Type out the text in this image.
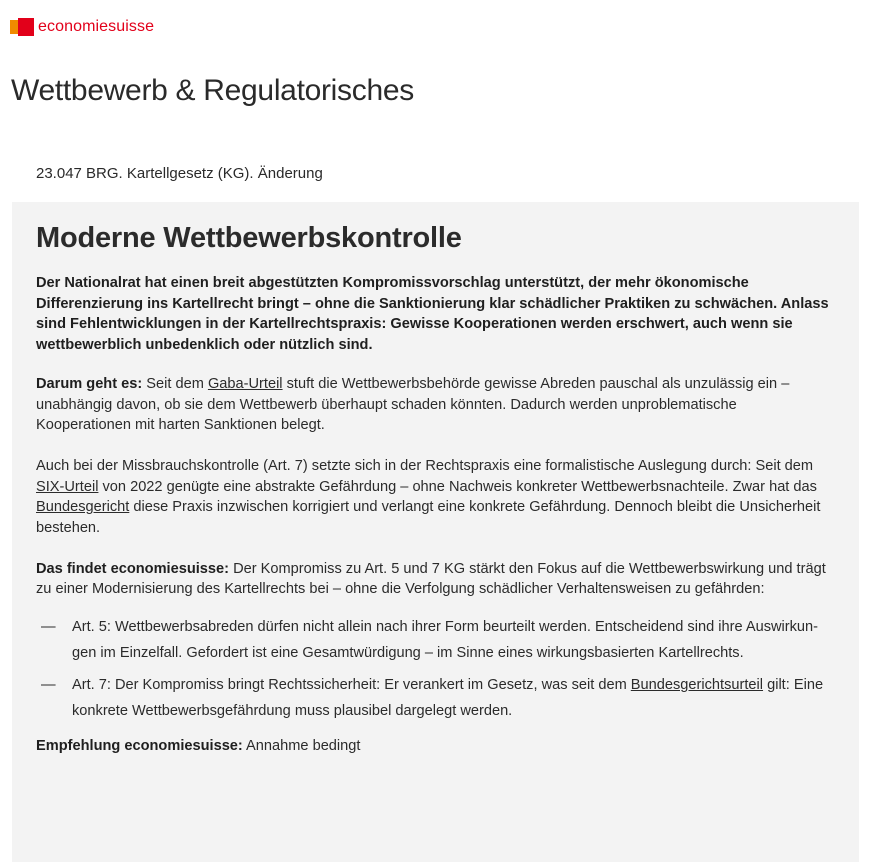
economiesuisse
Wettbewerb & Regulatorisches
23.047 BRG. Kartellgesetz (KG). Änderung
Moderne Wettbewerbskontrolle

Der Nationalrat hat einen breit abgestützten Kompromissvorschlag unterstützt, der mehr ökonomische Differenzierung ins Kartellrecht bringt – ohne die Sanktionierung klar schädlicher Praktiken zu schwächen. Anlass sind Fehlentwicklungen in der Kartellrechtspraxis: Gewisse Kooperationen werden erschwert, auch wenn sie wettbewerblich unbedenklich oder nützlich sind.

Darum geht es: Seit dem Gaba-Urteil stuft die Wettbewerbsbehörde gewisse Abreden pauschal als unzulässig ein – unabhängig davon, ob sie dem Wettbewerb überhaupt schaden könnten. Dadurch werden unproblematische Kooperationen mit harten Sanktionen belegt.

Auch bei der Missbrauchskontrolle (Art. 7) setzte sich in der Rechtspraxis eine formalistische Auslegung durch: Seit dem SIX-Urteil von 2022 genügte eine abstrakte Gefährdung – ohne Nachweis konkreter Wettbewerbsnachteile. Zwar hat das Bundesgericht diese Praxis inzwischen korrigiert und verlangt eine konkrete Gefährdung. Dennoch bleibt die Unsicherheit bestehen.

Das findet economiesuisse: Der Kompromiss zu Art. 5 und 7 KG stärkt den Fokus auf die Wettbewerbswirkung und trägt zu einer Modernisierung des Kartellrechts bei – ohne die Verfolgung schädlicher Verhaltensweisen zu gefährden:

— Art. 5: Wettbewerbsabreden dürfen nicht allein nach ihrer Form beurteilt werden. Entscheidend sind ihre Auswirkun- gen im Einzelfall. Gefordert ist eine Gesamtwürdigung – im Sinne eines wirkungsbasierten Kartellrechts.
— Art. 7: Der Kompromiss bringt Rechtssicherheit: Er verankert im Gesetz, was seit dem Bundesgerichtsurteil gilt: Eine konkrete Wettbewerbsgefährdung muss plausibel dargelegt werden.

Empfehlung economiesuisse: Annahme bedingt
